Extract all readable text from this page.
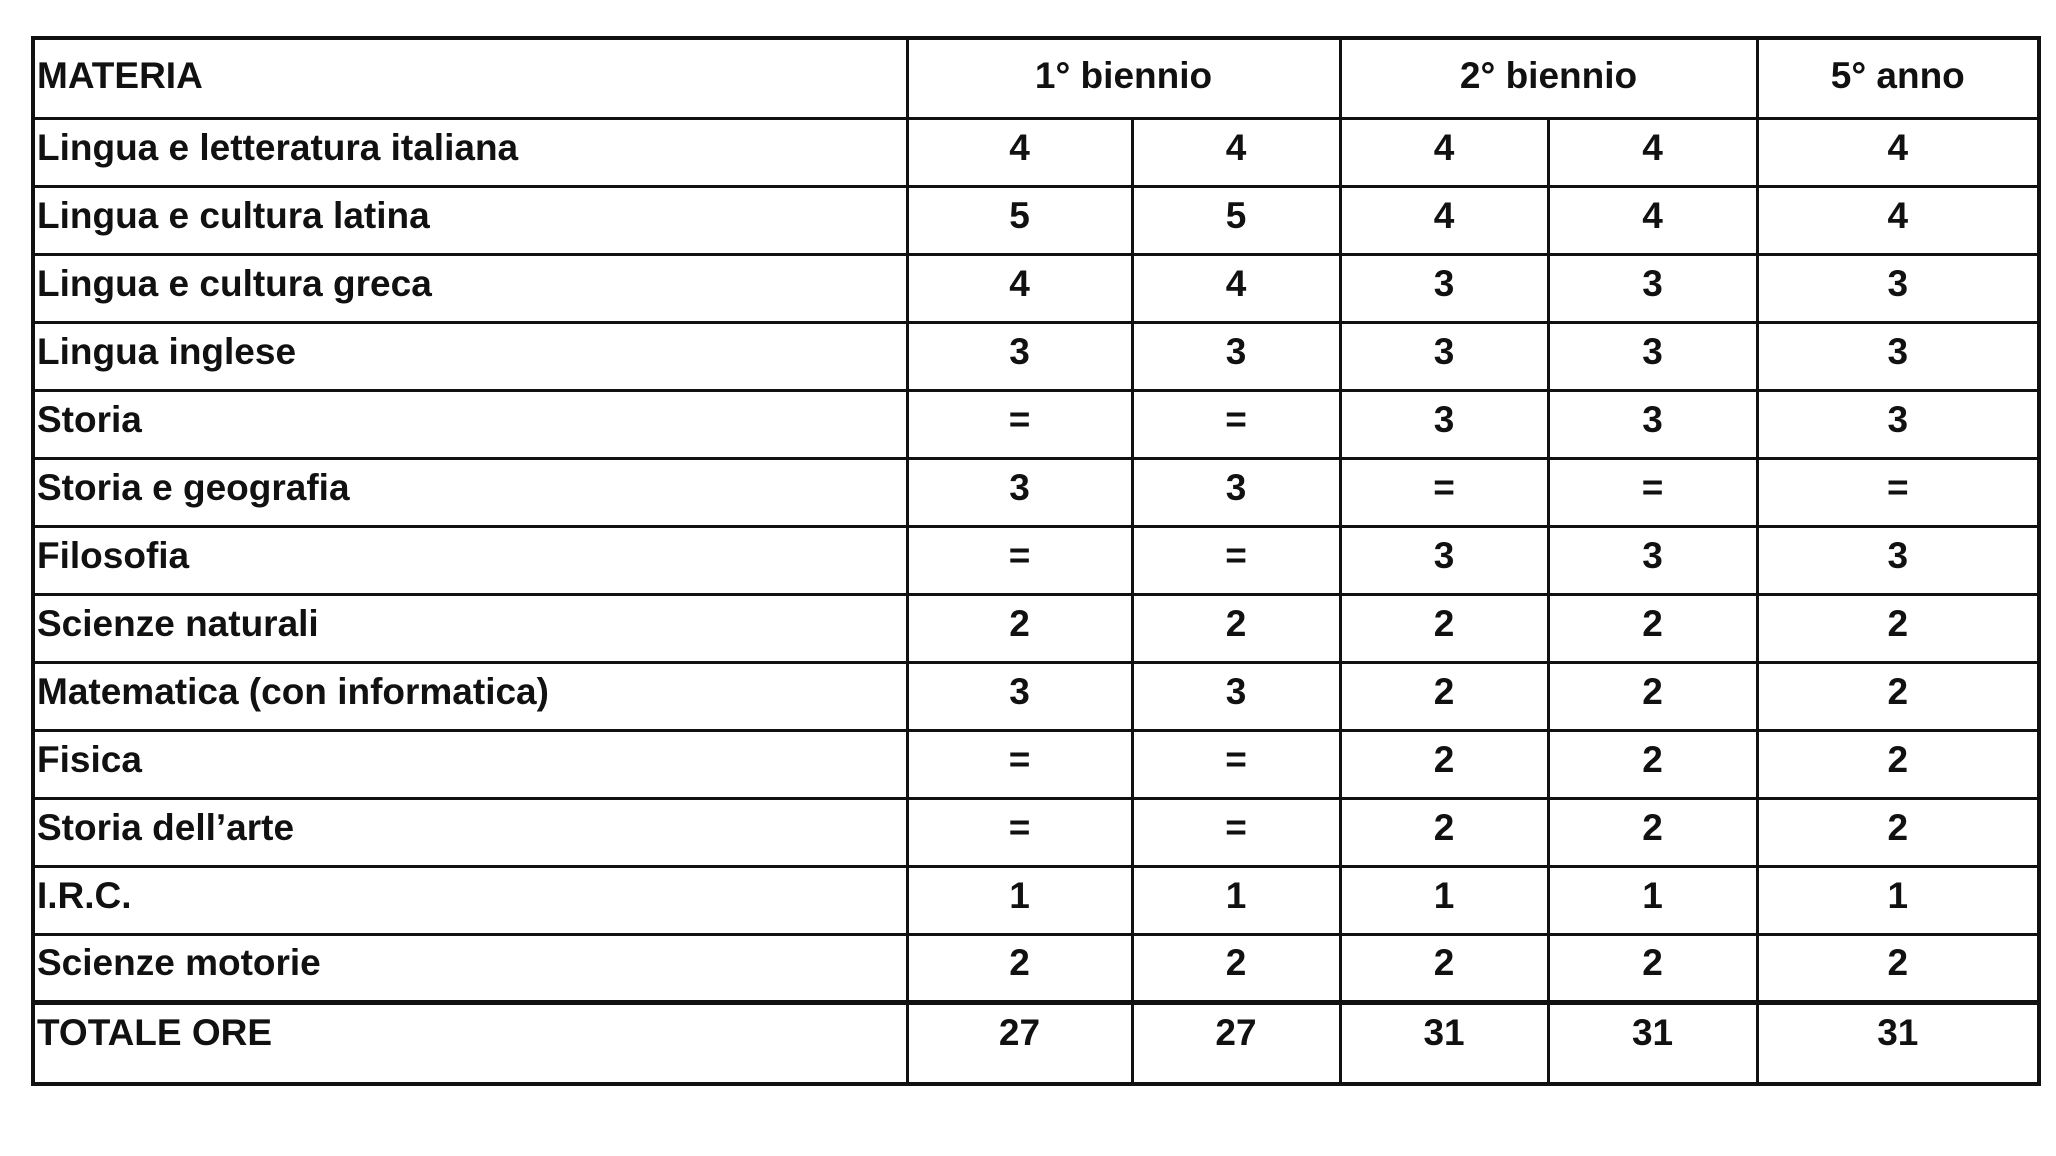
MATERIA	1° biennio		2° biennio		5° anno
Lingua e letteratura italiana	4	4	4	4	4
Lingua e cultura latina	5	5	4	4	4
Lingua e cultura greca	4	4	3	3	3
Lingua inglese	3	3	3	3	3
Storia	=	=	3	3	3
Storia e geografia	3	3	=	=	=
Filosofia	=	=	3	3	3
Scienze naturali	2	2	2	2	2
Matematica (con informatica)	3	3	2	2	2
Fisica	=	=	2	2	2
Storia dell’arte	=	=	2	2	2
I.R.C.	1	1	1	1	1
Scienze motorie	2	2	2	2	2
TOTALE ORE	27	27	31	31	31
